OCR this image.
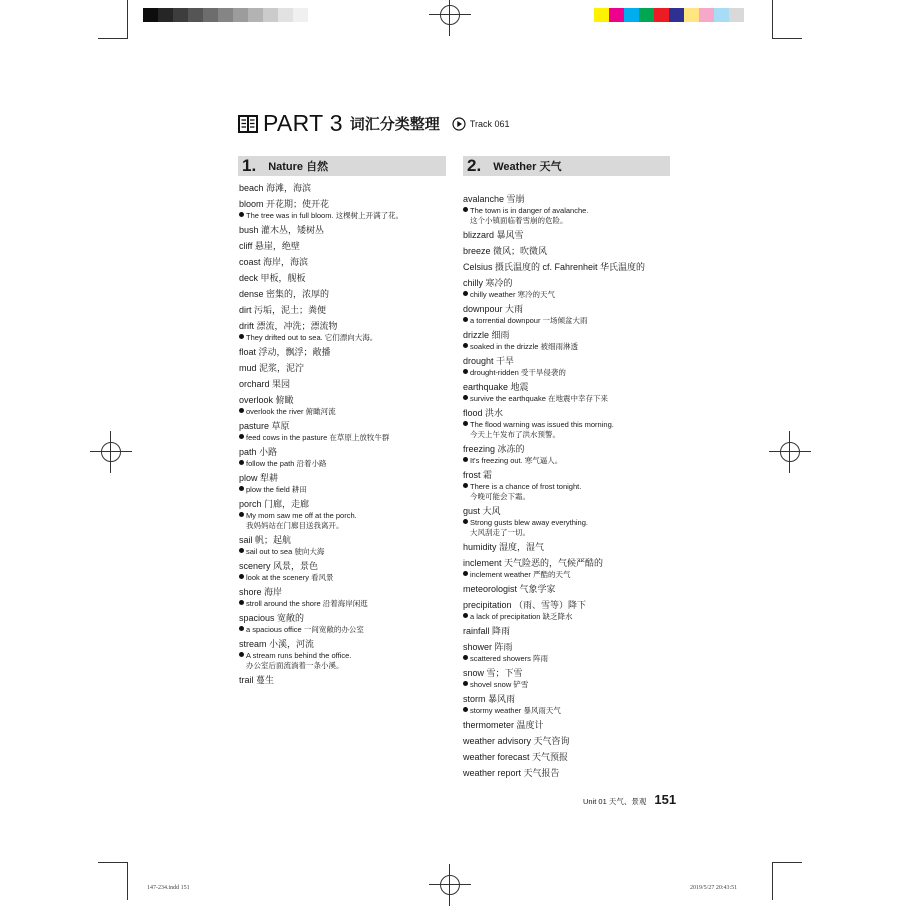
PART 3 词汇分类整理	Track 061
1. Nature 自然	2. Weather 天气
beach 海滩，海滨
bloom 开花期；使开花
The tree was in full bloom. 这棵树上开满了花。
bush 灌木丛，矮树丛
cliff 悬崖，绝壁
coast 海岸，海滨
deck 甲板，舰板
dense 密集的，浓厚的
dirt 污垢，泥土；粪便
drift 漂流，冲洗；漂流物
They drifted out to sea. 它们漂向大海。
float 浮动，飘浮；敞播
mud 泥浆，泥泞
orchard 果园
overlook 俯瞰
overlook the river 俯瞰河流
pasture 草原
feed cows in the pasture 在草原上放牧牛群
path 小路
follow the path 沿着小路
plow 犁耕
plow the field 耕田
porch 门廊，走廊
My mom saw me off at the porch.
我妈妈站在门廊目送我离开。
sail 帆；起航
sail out to sea 驶向大海
scenery 风景，景色
look at the scenery 看风景
shore 海岸
stroll around the shore 沿着海岸闲逛
spacious 宽敞的
a spacious office 一间宽敞的办公室
stream 小溪，河流
A stream runs behind the office.
办公室后面流淌着一条小溪。
trail 蔓生
avalanche 雪崩
The town is in danger of avalanche.
这个小镇面临着雪崩的危险。
blizzard 暴风雪
breeze 微风；吹微风
Celsius 摄氏温度的 cf. Fahrenheit 华氏温度的
chilly 寒冷的
chilly weather 寒冷的天气
downpour 大雨
a torrential downpour 一场倾盆大雨
drizzle 细雨
soaked in the drizzle 被细雨淋透
drought 干旱
drought-ridden 受干旱侵袭的
earthquake 地震
survive the earthquake 在地震中幸存下来
flood 洪水
The flood warning was issued this morning.
今天上午发布了洪水预警。
freezing 冰冻的
It's freezing out. 寒气逼人。
frost 霜
There is a chance of frost tonight.
今晚可能会下霜。
gust 大风
Strong gusts blew away everything.
大风刮走了一切。
humidity 湿度，湿气
inclement 天气险恶的，气候严酷的
inclement weather 严酷的天气
meteorologist 气象学家
precipitation （雨、雪等）降下
a lack of precipitation 缺乏降水
rainfall 降雨
shower 阵雨
scattered showers 阵雨
snow 雪；下雪
shovel snow 铲雪
storm 暴风雨
stormy weather 暴风雨天气
thermometer 温度计
weather advisory 天气咨询
weather forecast 天气预报
weather report 天气报告
Unit 01 天气、景观 151
147-234.indd 151	2019/5/27 20:43:51
